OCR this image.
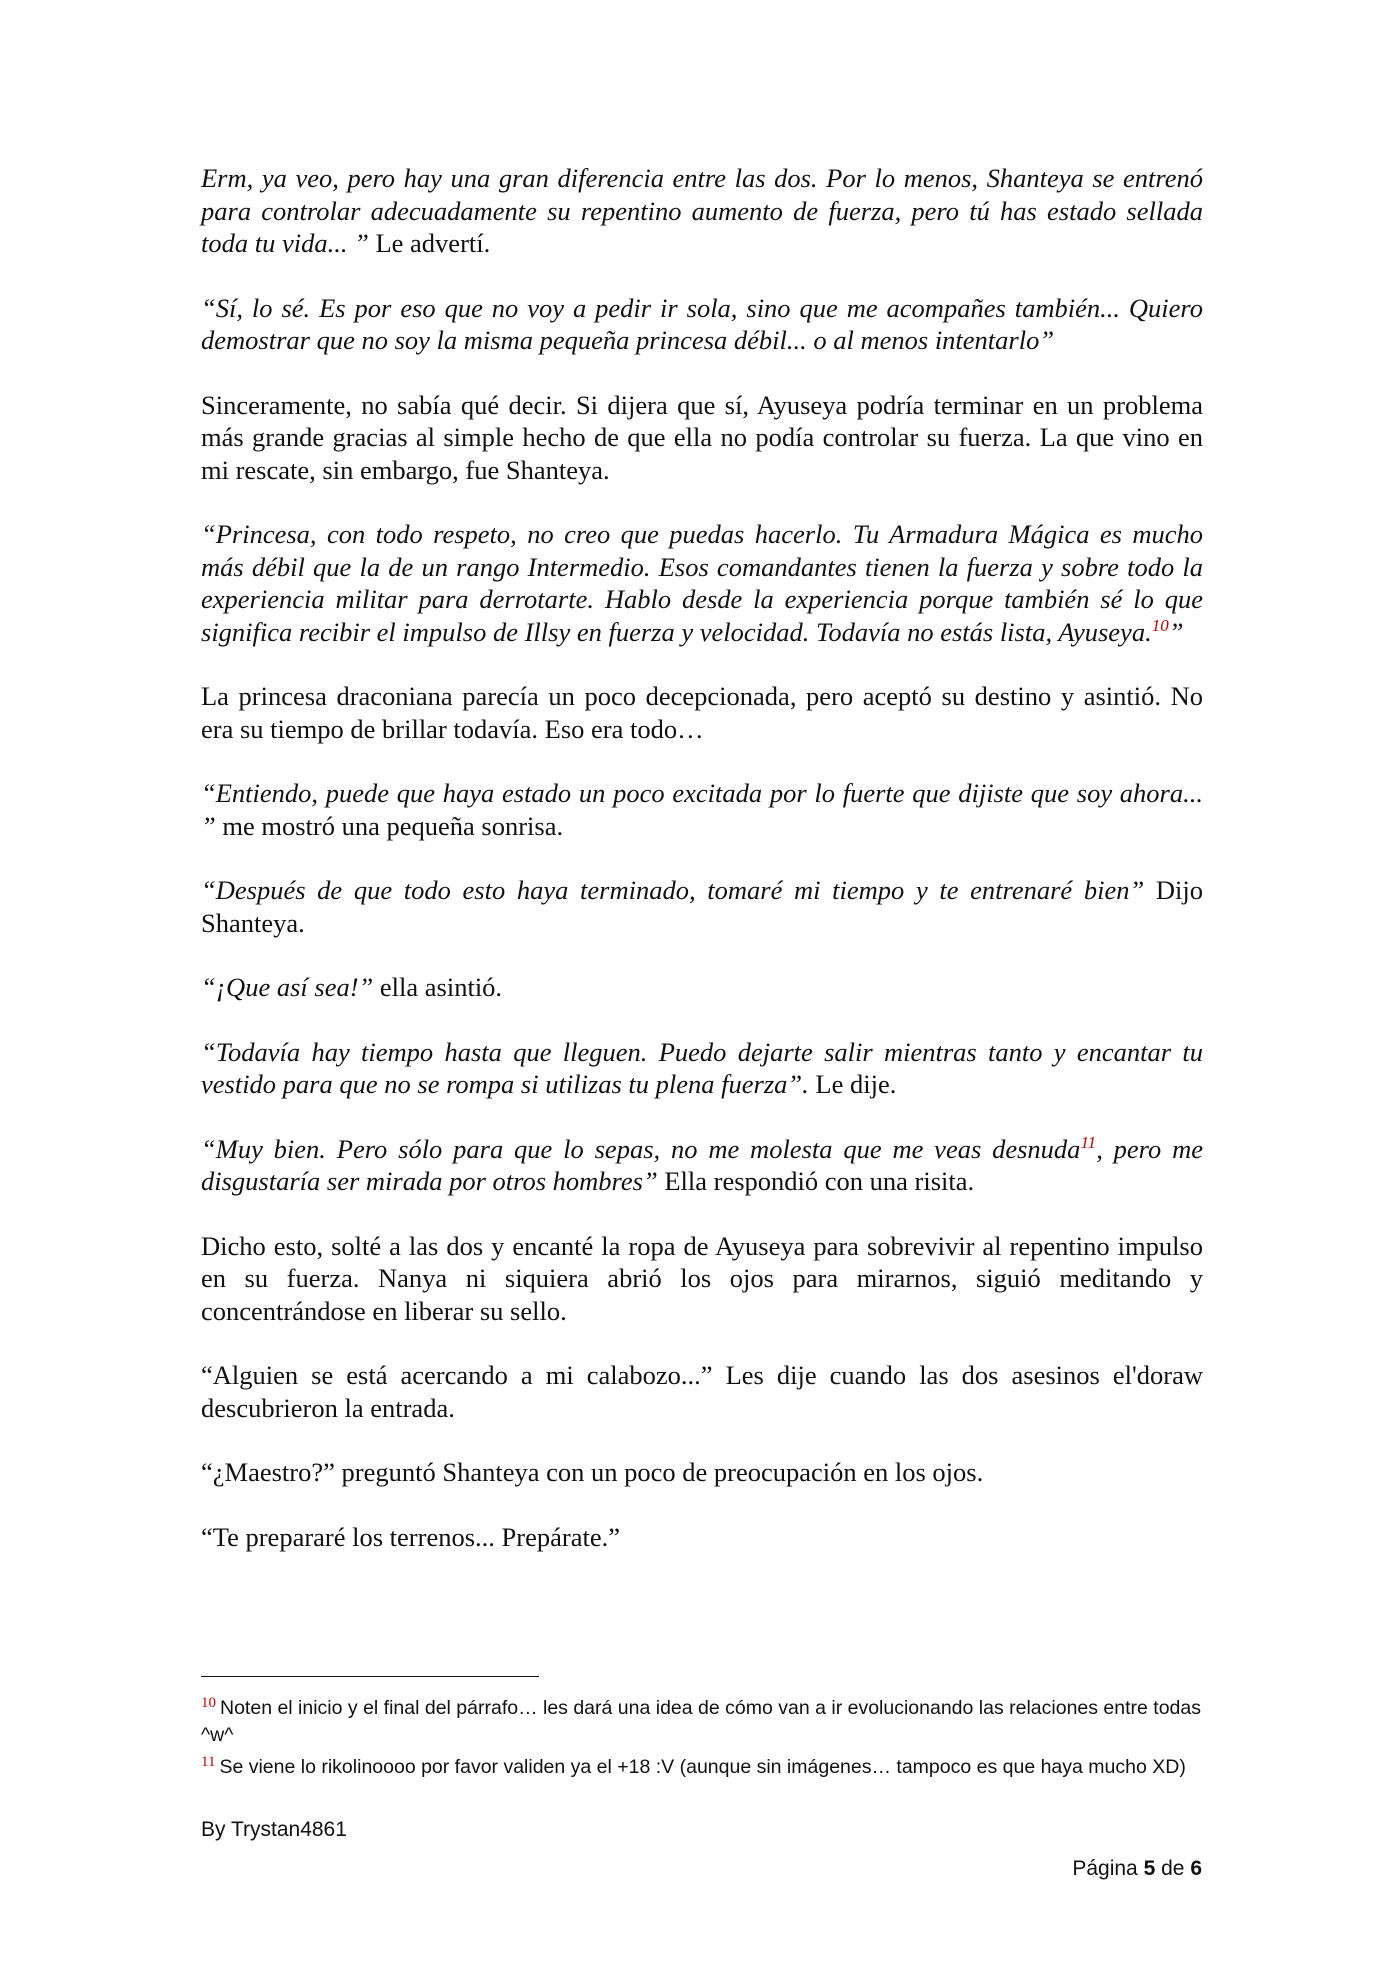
Erm, ya veo, pero hay una gran diferencia entre las dos. Por lo menos, Shanteya se entrenó para controlar adecuadamente su repentino aumento de fuerza, pero tú has estado sellada toda tu vida... ” Le advertí.

“Sí, lo sé. Es por eso que no voy a pedir ir sola, sino que me acompañes también... Quiero demostrar que no soy la misma pequeña princesa débil... o al menos intentarlo”

Sinceramente, no sabía qué decir. Si dijera que sí, Ayuseya podría terminar en un problema más grande gracias al simple hecho de que ella no podía controlar su fuerza. La que vino en mi rescate, sin embargo, fue Shanteya.

“Princesa, con todo respeto, no creo que puedas hacerlo. Tu Armadura Mágica es mucho más débil que la de un rango Intermedio. Esos comandantes tienen la fuerza y sobre todo la experiencia militar para derrotarte. Hablo desde la experiencia porque también sé lo que significa recibir el impulso de Illsy en fuerza y velocidad. Todavía no estás lista, Ayuseya.$^{10}$”

La princesa draconiana parecía un poco decepcionada, pero aceptó su destino y asintió. No era su tiempo de brillar todavía. Eso era todo…

“Entiendo, puede que haya estado un poco excitada por lo fuerte que dijiste que soy ahora... ” me mostró una pequeña sonrisa.

“Después de que todo esto haya terminado, tomaré mi tiempo y te entrenaré bien” Dijo Shanteya.

“¡Que así sea!” ella asintió.

“Todavía hay tiempo hasta que lleguen. Puedo dejarte salir mientras tanto y encantar tu vestido para que no se rompa si utilizas tu plena fuerza”. Le dije.

“Muy bien. Pero sólo para que lo sepas, no me molesta que me veas desnuda$^{11}$, pero me disgustaría ser mirada por otros hombres” Ella respondió con una risita.

Dicho esto, solté a las dos y encanté la ropa de Ayuseya para sobrevivir al repentino impulso en su fuerza. Nanya ni siquiera abrió los ojos para mirarnos, siguió meditando y concentrándose en liberar su sello.

“Alguien se está acercando a mi calabozo...” Les dije cuando las dos asesinos el'doraw descubrieron la entrada.

“¿Maestro?” preguntó Shanteya con un poco de preocupación en los ojos.

“Te prepararé los terrenos... Prepárate.”

$^{10}$ Noten el inicio y el final del párrafo… les dará una idea de cómo van a ir evolucionando las relaciones entre todas ^w^

$^{11}$ Se viene lo rikolinoooo por favor validen ya el +18 :V (aunque sin imágenes… tampoco es que haya mucho XD)

By Trystan4861
Página 5 de 6
